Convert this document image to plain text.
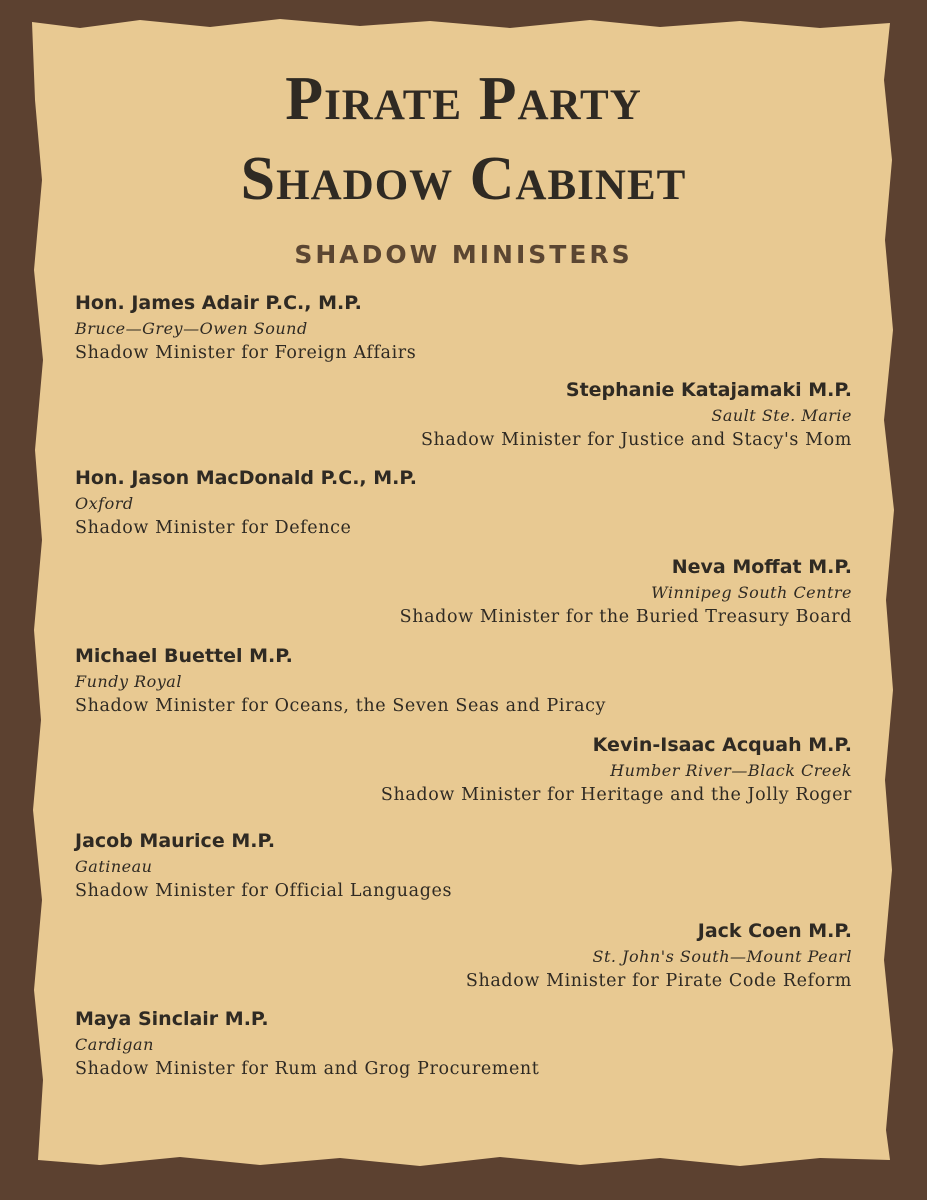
Pirate Party
Shadow Cabinet
SHADOW MINISTERS
Hon. James Adair P.C., M.P.
Bruce—Grey—Owen Sound
Shadow Minister for Foreign Affairs
Stephanie Katajamaki M.P.
Sault Ste. Marie
Shadow Minister for Justice and Stacy's Mom
Hon. Jason MacDonald P.C., M.P.
Oxford
Shadow Minister for Defence
Neva Moffat M.P.
Winnipeg South Centre
Shadow Minister for the Buried Treasury Board
Michael Buettel M.P.
Fundy Royal
Shadow Minister for Oceans, the Seven Seas and Piracy
Kevin-Isaac Acquah M.P.
Humber River—Black Creek
Shadow Minister for Heritage and the Jolly Roger
Jacob Maurice M.P.
Gatineau
Shadow Minister for Official Languages
Jack Coen M.P.
St. John's South—Mount Pearl
Shadow Minister for Pirate Code Reform
Maya Sinclair M.P.
Cardigan
Shadow Minister for Rum and Grog Procurement
